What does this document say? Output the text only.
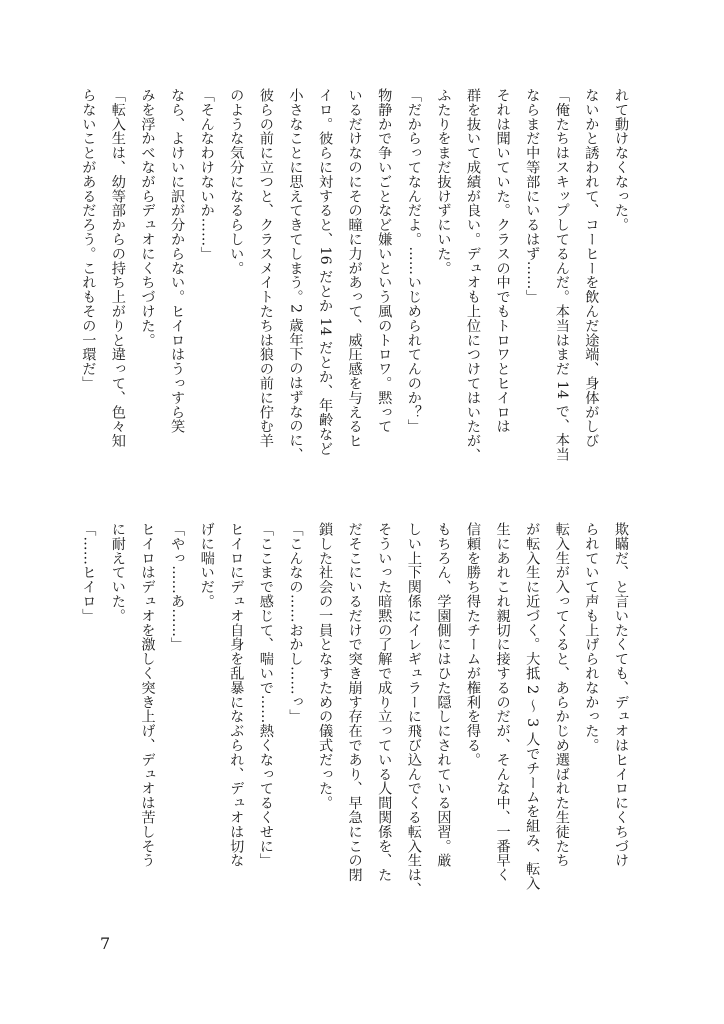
れて動けなくなった。
ないかと誘われて、コーヒーを飲んだ途端、身体がしび
「俺たちはスキップしてるんだ。本当はまだ 14 で、本当
ならまだ中等部にいるはず……」
それは聞いていた。クラスの中でもトロワとヒイロは
群を抜いて成績が良い。デュオも上位につけてはいたが、
ふたりをまだ抜けずにいた。
「だからってなんだよ。……いじめられてんのか？」
物静かで争いごとなど嫌いという風のトロワ。黙って
いるだけなのにその瞳に力があって、威圧感を与えるヒ
イロ。彼らに対すると、16 だとか 14 だとか、年齢など
小さなことに思えてきてしまう。2 歳年下のはずなのに、
彼らの前に立つと、クラスメイトたちは狼の前に佇む羊
のような気分になるらしい。
「そんなわけないか……」
なら、よけいに訳が分からない。ヒイロはうっすら笑
みを浮かべながらデュオにくちづけた。
「転入生は、幼等部からの持ち上がりと違って、色々知
らないことがあるだろう。これもその一環だ」
欺瞞だ、と言いたくても、デュオはヒイロにくちづけ
られていて声も上げられなかった。
転入生が入ってくると、あらかじめ選ばれた生徒たち
が転入生に近づく。大抵 2 ～ 3 人でチームを組み、転入
生にあれこれ親切に接するのだが、そんな中、一番早く
信頼を勝ち得たチームが権利を得る。
もちろん、学園側にはひた隠しにされている因習。厳
しい上下関係にイレギュラーに飛び込んでくる転入生は、
そういった暗黙の了解で成り立っている人間関係を、た
だそこにいるだけで突き崩す存在であり、早急にこの閉
鎖した社会の一員となすための儀式だった。
「こんなの……おかし……っ」
「ここまで感じて、喘いで……熱くなってるくせに」
ヒイロにデュオ自身を乱暴になぶられ、デュオは切な
げに喘いだ。
「やっ……あ……」
ヒイロはデュオを激しく突き上げ、デュオは苦しそう
に耐えていた。
「……ヒイロ」
7
